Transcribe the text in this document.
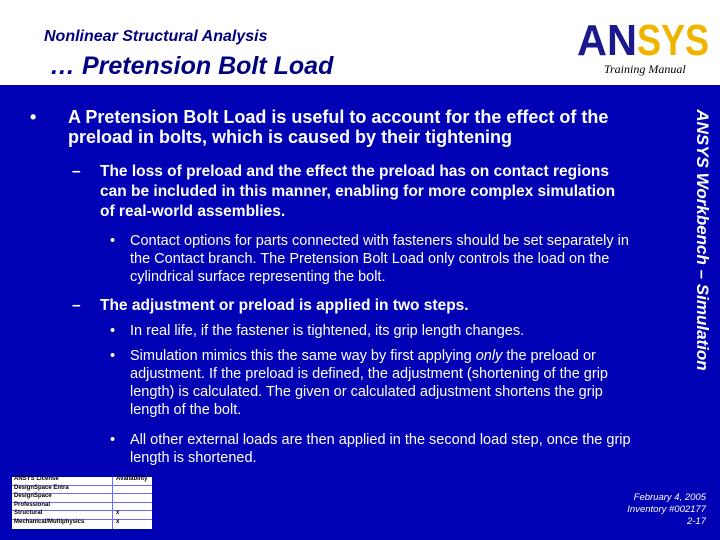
Nonlinear Structural Analysis
… Pretension Bolt Load
AN SYS
Training Manual
ANSYS Workbench – Simulation
• A Pretension Bolt Load is useful to account for the effect of the preload in bolts, which is caused by their tightening
– The loss of preload and the effect the preload has on contact regions can be included in this manner, enabling for more complex simulation of real-world assemblies.
• Contact options for parts connected with fasteners should be set separately in the Contact branch. The Pretension Bolt Load only controls the load on the cylindrical surface representing the bolt.
– The adjustment or preload is applied in two steps.
• In real life, if the fastener is tightened, its grip length changes.
• Simulation mimics this the same way by first applying only the preload or adjustment. If the preload is defined, the adjustment (shortening of the grip length) is calculated. The given or calculated adjustment shortens the grip length of the bolt.
• All other external loads are then applied in the second load step, once the grip length is shortened.
ANSYS License	Availability
DesignSpace Entra
DesignSpace
Professional
Structural	x
Mechanical/Multiphysics	x
February 4, 2005
Inventory #002177
2-17
